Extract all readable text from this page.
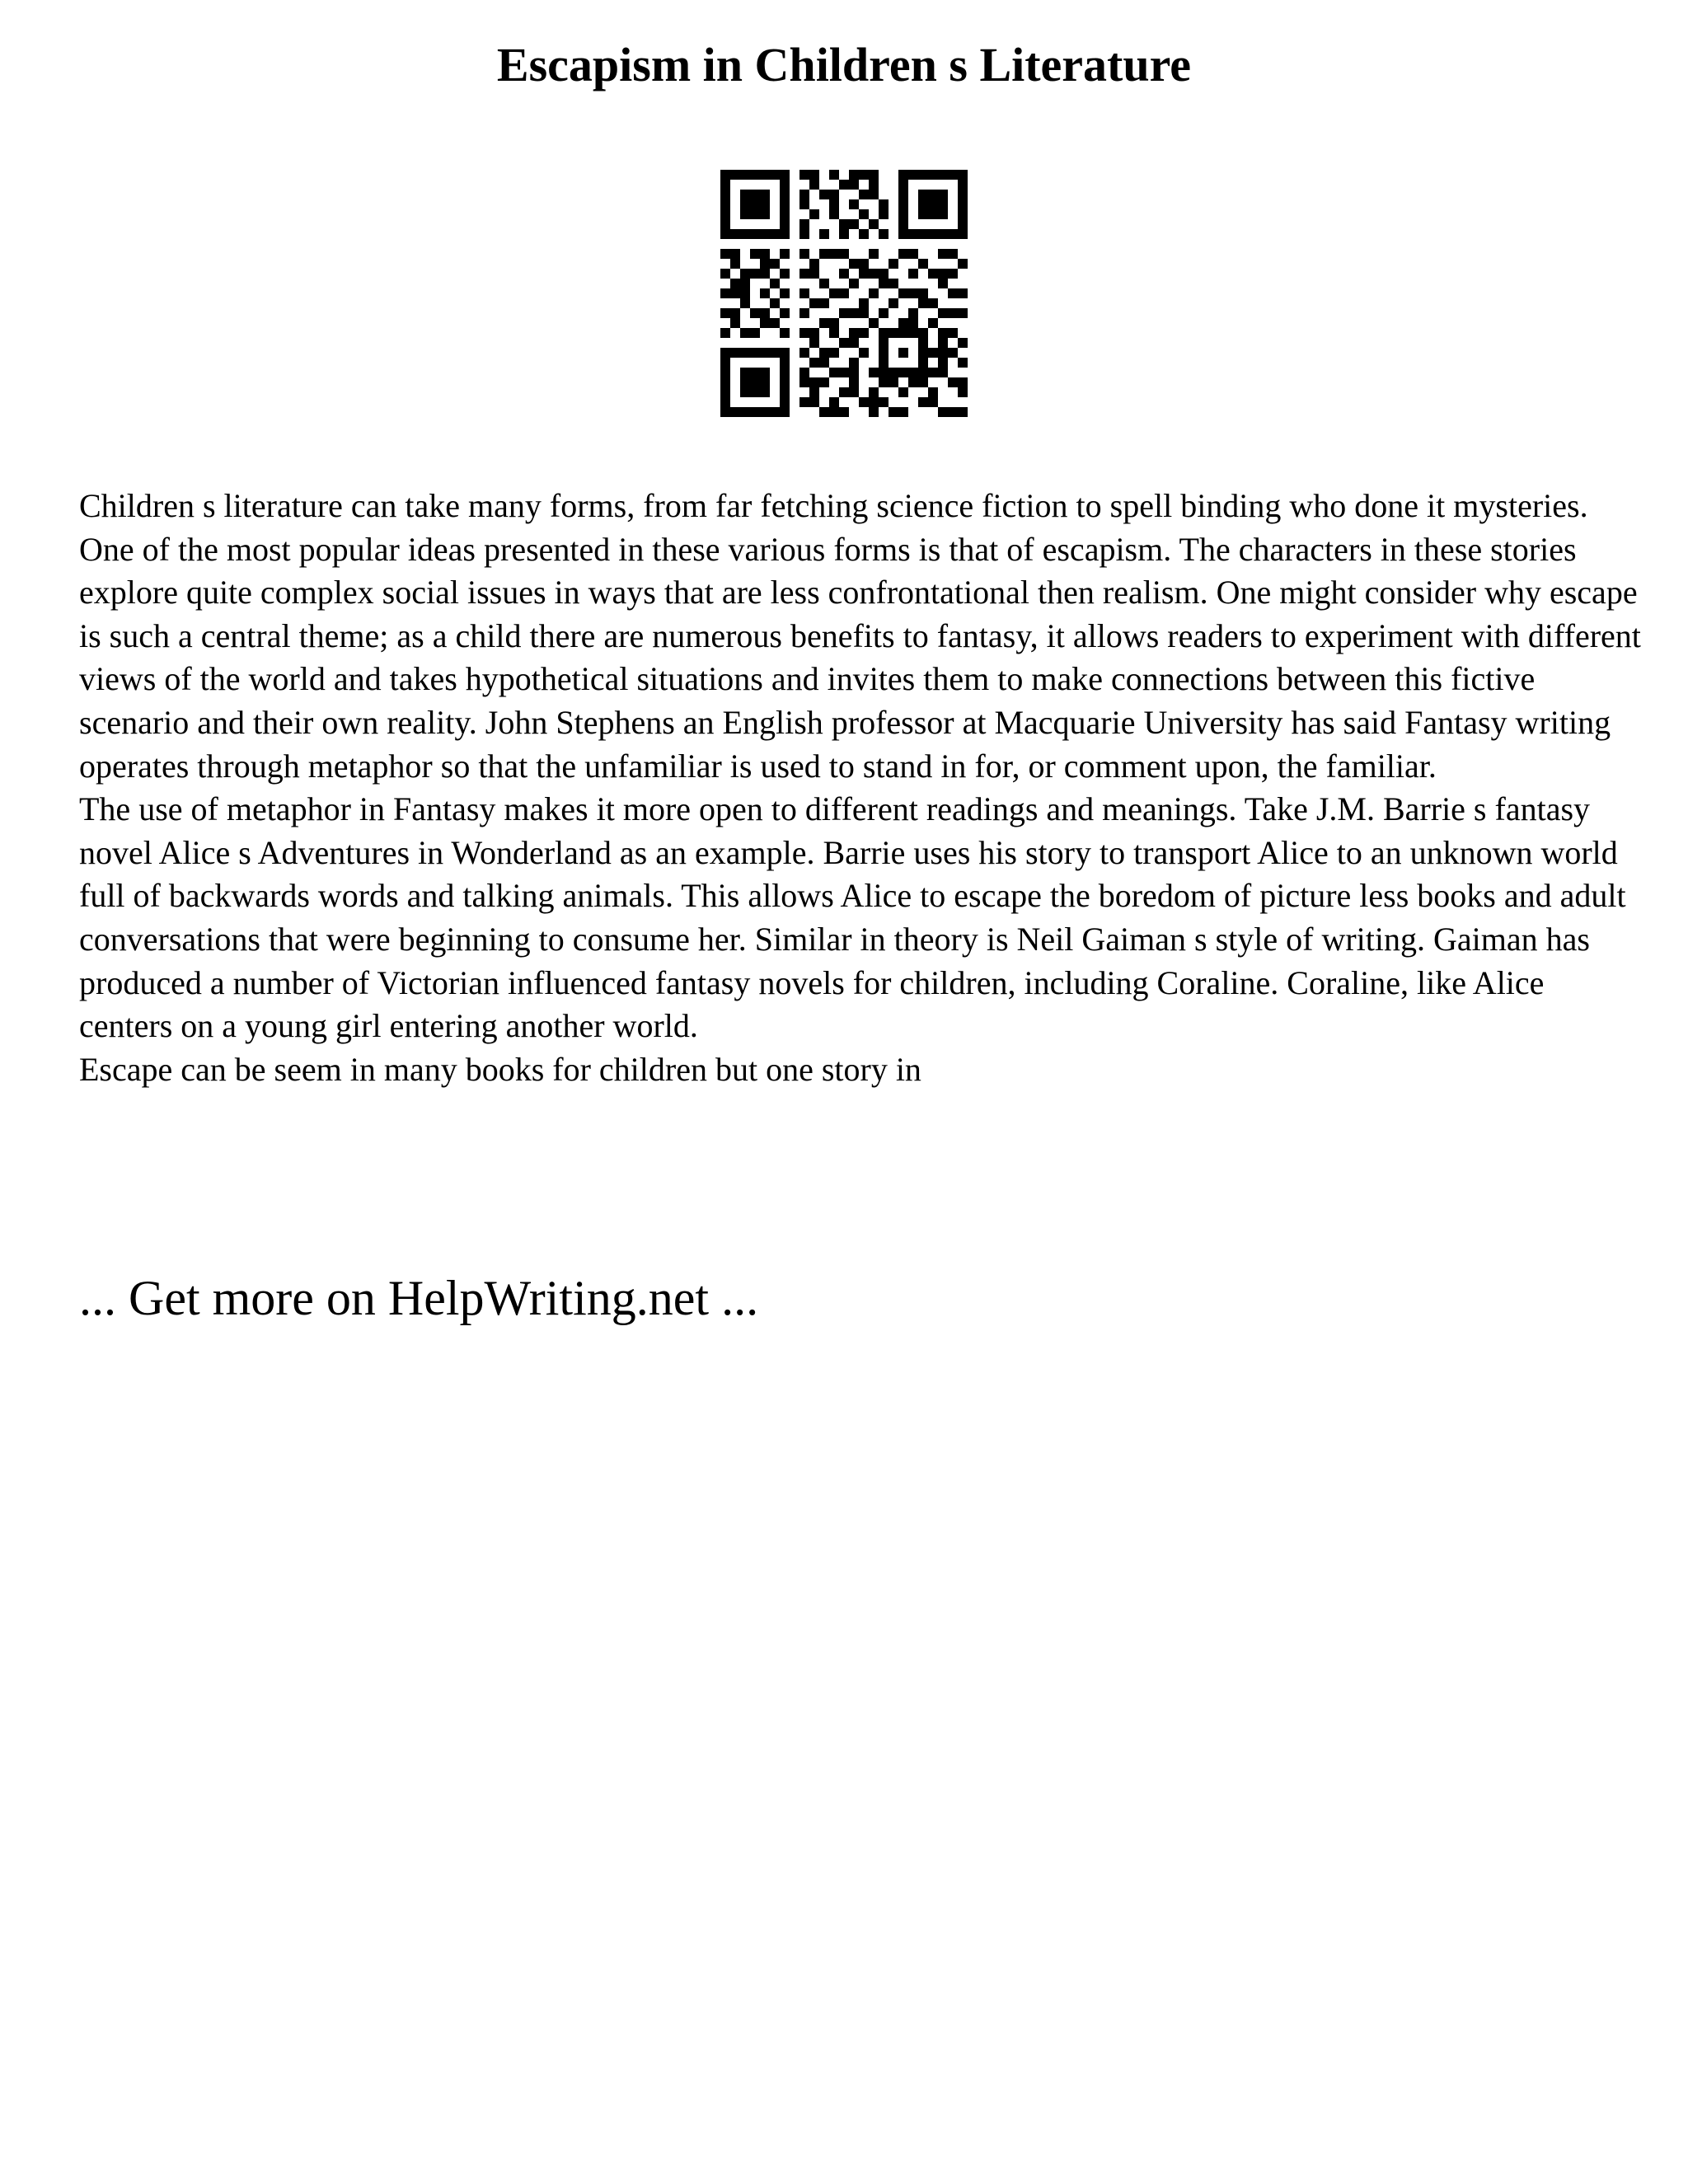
Escapism in Children s Literature

Children s literature can take many forms, from far fetching science fiction to spell binding who done it mysteries. One of the most popular ideas presented in these various forms is that of escapism. The characters in these stories explore quite complex social issues in ways that are less confrontational then realism. One might consider why escape is such a central theme; as a child there are numerous benefits to fantasy, it allows readers to experiment with different views of the world and takes hypothetical situations and invites them to make connections between this fictive scenario and their own reality. John Stephens an English professor at Macquarie University has said Fantasy writing operates through metaphor so that the unfamiliar is used to stand in for, or comment upon, the familiar.

The use of metaphor in Fantasy makes it more open to different readings and meanings. Take J.M. Barrie s fantasy novel Alice s Adventures in Wonderland as an example. Barrie uses his story to transport Alice to an unknown world full of backwards words and talking animals. This allows Alice to escape the boredom of picture less books and adult conversations that were beginning to consume her. Similar in theory is Neil Gaiman s style of writing. Gaiman has produced a number of Victorian influenced fantasy novels for children, including Coraline. Coraline, like Alice centers on a young girl entering another world.

Escape can be seem in many books for children but one story in

... Get more on HelpWriting.net ...
